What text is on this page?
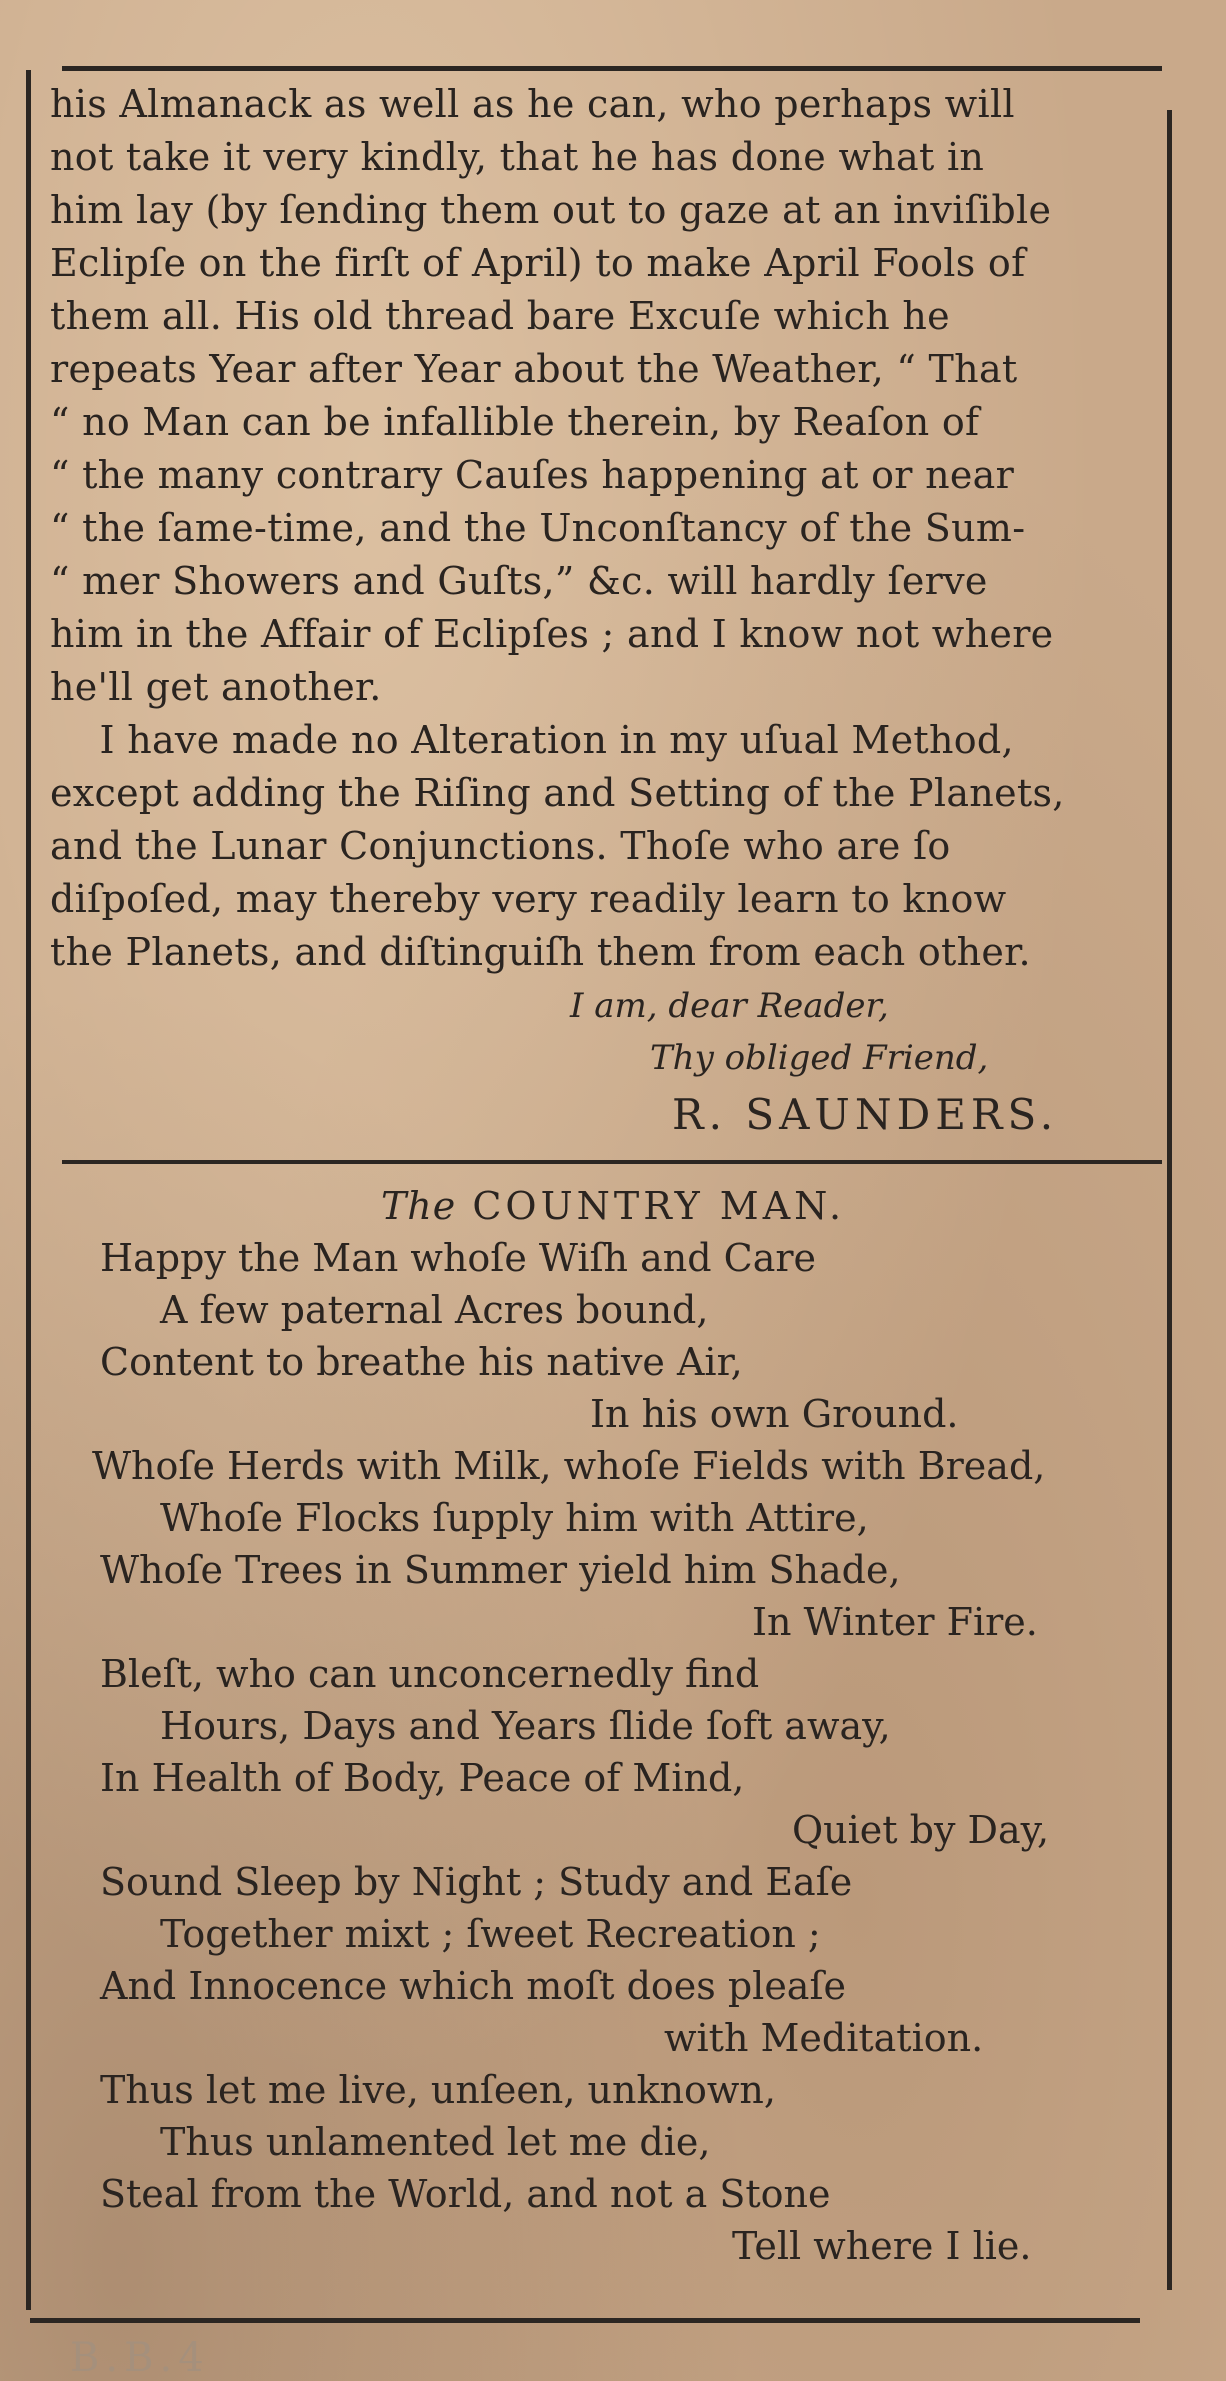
his Almanack as well as he can, who perhaps will
not take it very kindly, that he has done what in
him lay (by ſending them out to gaze at an inviſible
Eclipſe on the firſt of April) to make April Fools of
them all. His old thread bare Excuſe which he
repeats Year after Year about the Weather, “ That
“ no Man can be infallible therein, by Reaſon of
“ the many contrary Cauſes happening at or near
“ the ſame-time, and the Unconſtancy of the Sum-
“ mer Showers and Guſts,” &c. will hardly ſerve
him in the Affair of Eclipſes ; and I know not where
he'll get another.
I have made no Alteration in my uſual Method,
except adding the Riſing and Setting of the Planets,
and the Lunar Conjunctions. Thoſe who are ſo
diſpoſed, may thereby very readily learn to know
the Planets, and diſtinguiſh them from each other.
I am, dear Reader,
Thy obliged Friend,
R. SAUNDERS.
The COUNTRY MAN.
Happy the Man whoſe Wiſh and Care
A few paternal Acres bound,
Content to breathe his native Air,
In his own Ground.
Whoſe Herds with Milk, whoſe Fields with Bread,
Whoſe Flocks ſupply him with Attire,
Whoſe Trees in Summer yield him Shade,
In Winter Fire.
Bleſt, who can unconcernedly find
Hours, Days and Years ſlide ſoft away,
In Health of Body, Peace of Mind,
Quiet by Day,
Sound Sleep by Night ; Study and Eaſe
Together mixt ; ſweet Recreation ;
And Innocence which moſt does pleaſe
with Meditation.
Thus let me live, unſeen, unknown,
Thus unlamented let me die,
Steal from the World, and not a Stone
Tell where I lie.
B.B.4
